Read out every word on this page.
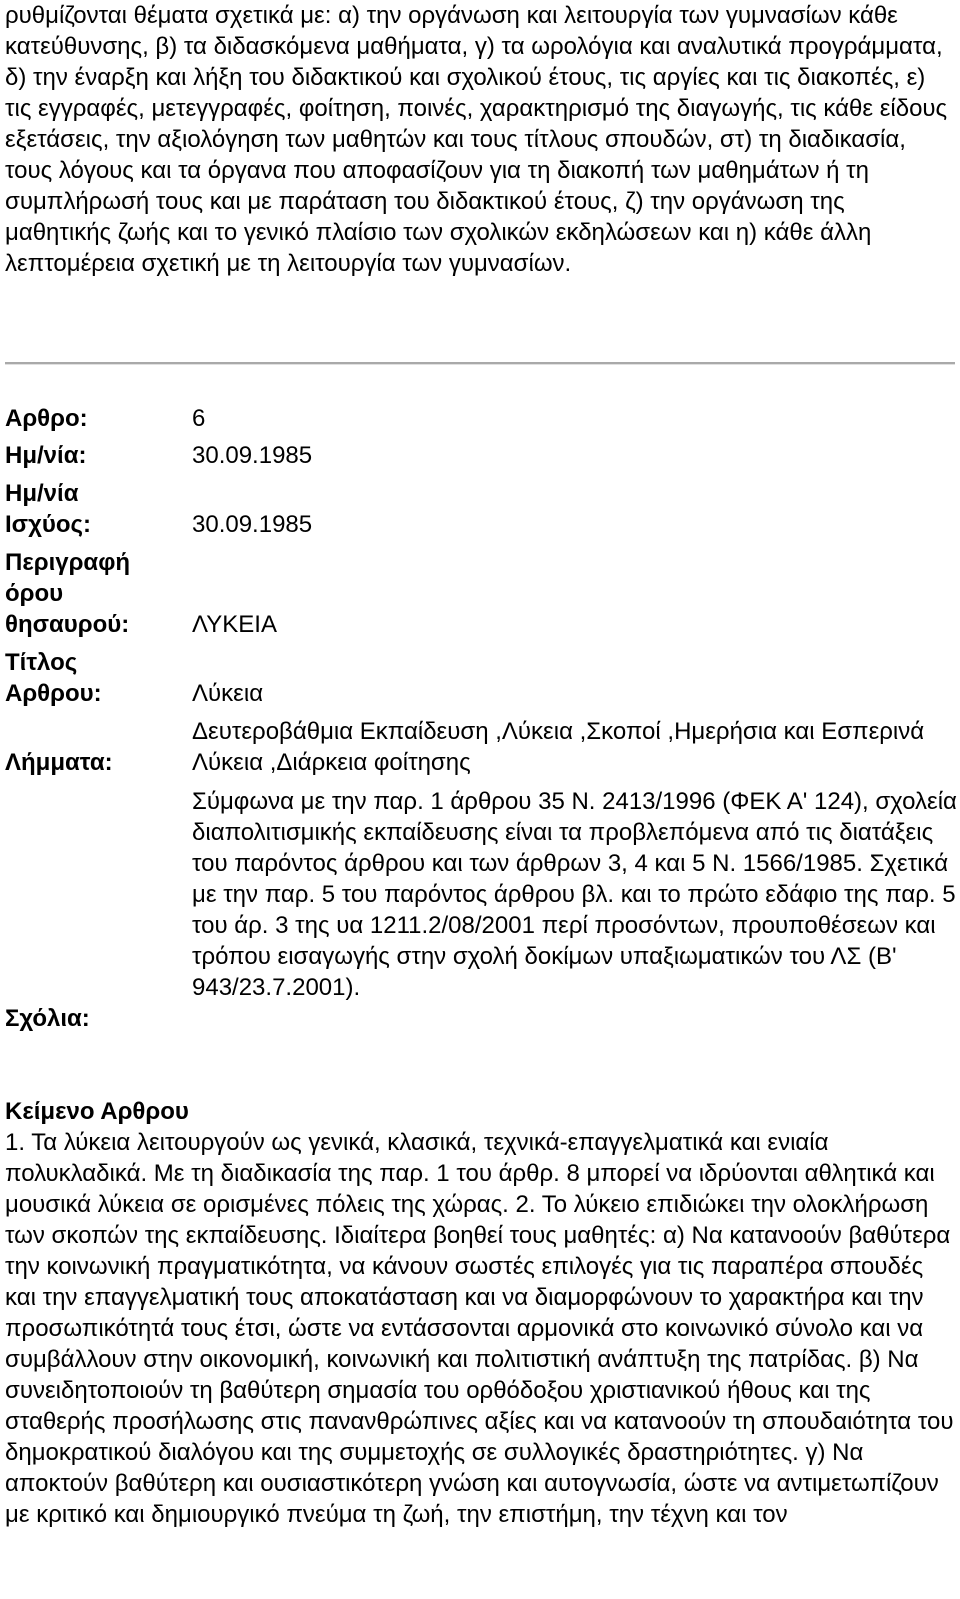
ρυθμίζονται θέματα σχετικά με: α) την οργάνωση και λειτουργία των γυμνασίων κάθε κατεύθυνσης, β) τα διδασκόμενα μαθήματα, γ) τα ωρολόγια και αναλυτικά προγράμματα, δ) την έναρξη και λήξη του διδακτικού και σχολικού έτους, τις αργίες και τις διακοπές, ε) τις εγγραφές, μετεγγραφές, φοίτηση, ποινές, χαρακτηρισμό της διαγωγής, τις κάθε είδους εξετάσεις, την αξιολόγηση των μαθητών και τους τίτλους σπουδών, στ) τη διαδικασία, τους λόγους και τα όργανα που αποφασίζουν για τη διακοπή των μαθημάτων ή τη συμπλήρωσή τους και με παράταση του διδακτικού έτους, ζ) την οργάνωση της μαθητικής ζωής και το γενικό πλαίσιο των σχολικών εκδηλώσεων και η) κάθε άλλη λεπτομέρεια σχετική με τη λειτουργία των γυμνασίων.

Αρθρο:	6
Ημ/νία:	30.09.1985
Ημ/νία
Ισχύος:	30.09.1985
Περιγραφή
όρου
θησαυρού:	ΛΥΚΕΙΑ
Τίτλος
Αρθρου:	Λύκεια
Λήμματα:
Δευτεροβάθμια Εκπαίδευση ,Λύκεια ,Σκοποί ,Ημερήσια και Εσπερινά Λύκεια ,Διάρκεια φοίτησης
Σχόλια:
Σύμφωνα με την παρ. 1 άρθρου 35 Ν. 2413/1996 (ΦΕΚ Α' 124), σχολεία διαπολιτισμικής εκπαίδευσης είναι τα προβλεπόμενα από τις διατάξεις του παρόντος άρθρου και των άρθρων 3, 4 και 5 Ν. 1566/1985. Σχετικά με την παρ. 5 του παρόντος άρθρου βλ. και το πρώτο εδάφιο της παρ. 5 του άρ. 3 της υα 1211.2/08/2001 περί προσόντων, προυποθέσεων και τρόπου εισαγωγής στην σχολή δοκίμων υπαξιωματικών του ΛΣ (Β' 943/23.7.2001).
Κείμενο Αρθρου

1. Τα λύκεια λειτουργούν ως γενικά, κλασικά, τεχνικά-επαγγελματικά και ενιαία πολυκλαδικά. Με τη διαδικασία της παρ. 1 του άρθρ. 8 μπορεί να ιδρύονται αθλητικά και μουσικά λύκεια σε ορισμένες πόλεις της χώρας. 2. Το λύκειο επιδιώκει την ολοκλήρωση των σκοπών της εκπαίδευσης. Ιδιαίτερα βοηθεί τους μαθητές: α) Να κατανοούν βαθύτερα την κοινωνική πραγματικότητα, να κάνουν σωστές επιλογές για τις παραπέρα σπουδές και την επαγγελματική τους αποκατάσταση και να διαμορφώνουν το χαρακτήρα και την προσωπικότητά τους έτσι, ώστε να εντάσσονται αρμονικά στο κοινωνικό σύνολο και να συμβάλλουν στην οικονομική, κοινωνική και πολιτιστική ανάπτυξη της πατρίδας. β) Να συνειδητοποιούν τη βαθύτερη σημασία του ορθόδοξου χριστιανικού ήθους και της σταθερής προσήλωσης στις πανανθρώπινες αξίες και να κατανοούν τη σπουδαιότητα του δημοκρατικού διαλόγου και της συμμετοχής σε συλλογικές δραστηριότητες. γ) Να αποκτούν βαθύτερη και ουσιαστικότερη γνώση και αυτογνωσία, ώστε να αντιμετωπίζουν με κριτικό και δημιουργικό πνεύμα τη ζωή, την επιστήμη, την τέχνη και τον
